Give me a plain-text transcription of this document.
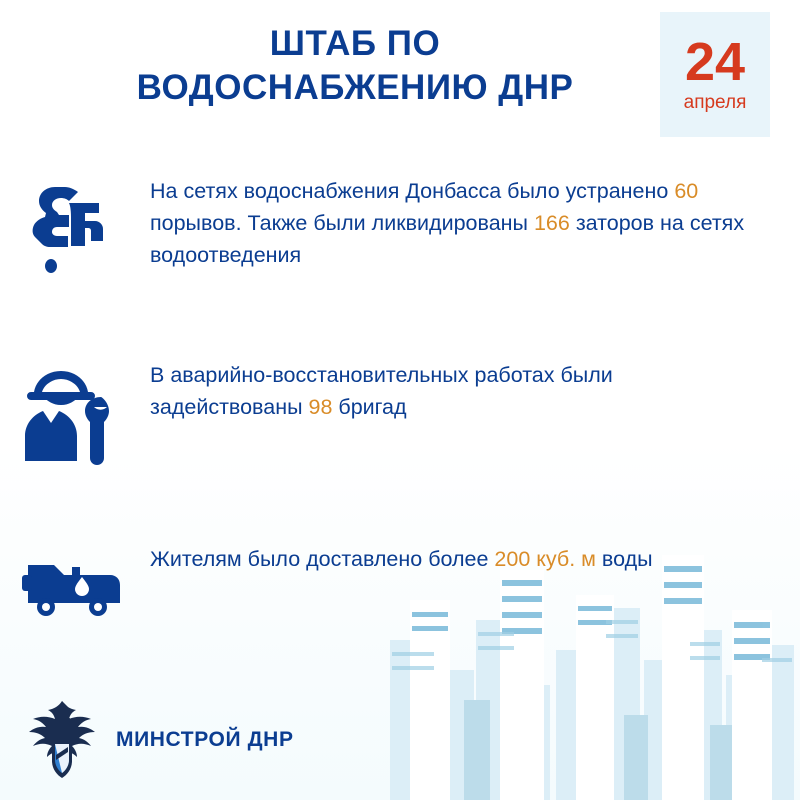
ШТАБ ПО
ВОДОСНАБЖЕНИЮ ДНР	24
апреля
На сетях водоснабжения Донбасса было устранено 60 порывов. Также были ликвидированы 166 заторов на сетях водоотведения
В аварийно-восстановительных работах были задействованы 98 бригад
Жителям было доставлено более 200 куб. м воды
МИНСТРОЙ ДНР
